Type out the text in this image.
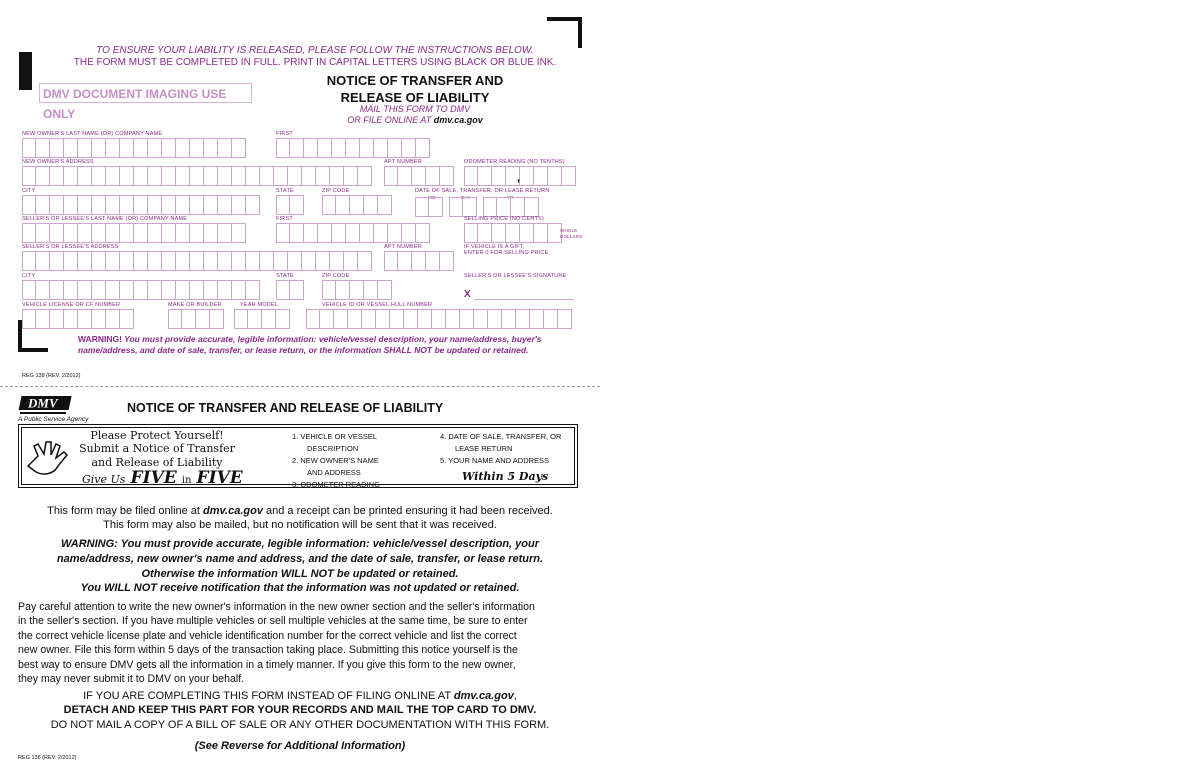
TO ENSURE YOUR LIABILITY IS RELEASED, PLEASE FOLLOW THE INSTRUCTIONS BELOW.
THE FORM MUST BE COMPLETED IN FULL. PRINT IN CAPITAL LETTERS USING BLACK OR BLUE INK.
DMV DOCUMENT IMAGING USE ONLY
NOTICE OF TRANSFER AND
RELEASE OF LIABILITY
MAIL THIS FORM TO DMV
OR FILE ONLINE AT dmv.ca.gov
NEW OWNER'S LAST NAME (OR) COMPANY NAME	FIRST
NEW OWNER'S ADDRESS	APT NUMBER	ODOMETER READING (NO TENTHS)
,
CITY	STATE	ZIP CODE	DATE OF SALE, TRANSFER, OR LEASE RETURN
MO	DAY	YR
SELLER'S OR LESSEE'S LAST NAME (OR) COMPANY NAME	FIRST	SELLING PRICE (NO CENTS)
WHOLE
DOLLARS
SELLER'S OR LESSEE'S ADDRESS	APT NUMBER	IF VEHICLE IS A GIFT,
ENTER 0 FOR SELLING PRICE
CITY	STATE	ZIP CODE	SELLER'S OR LESSEE'S SIGNATURE
X
VEHICLE LICENSE OR CF NUMBER	MAKE OR BUILDER	YEAR MODEL	VEHICLE ID OR VESSEL HULL NUMBER
WARNING! You must provide accurate, legible information: vehicle/vessel description, your name/address, buyer's
name/address, and date of sale, transfer, or lease return, or the information SHALL NOT be updated or retained.
REG 138 (REV. 2/2012)
DMV
A Public Service Agency
NOTICE OF TRANSFER AND RELEASE OF LIABILITY
Please Protect Yourself!
Submit a Notice of Transfer
and Release of Liability
Give Us FIVE in FIVE
1. VEHICLE OR VESSEL
DESCRIPTION
2. NEW OWNER'S NAME
AND ADDRESS
3. ODOMETER READING
4. DATE OF SALE, TRANSFER, OR
LEASE RETURN
5. YOUR NAME AND ADDRESS
Within 5 Days
This form may be filed online at dmv.ca.gov and a receipt can be printed ensuring it had been received.
This form may also be mailed, but no notification will be sent that it was received.
WARNING: You must provide accurate, legible information: vehicle/vessel description, your
name/address, new owner's name and address, and the date of sale, transfer, or lease return.
Otherwise the information WILL NOT be updated or retained.
You WILL NOT receive notification that the information was not updated or retained.
Pay careful attention to write the new owner's information in the new owner section and the seller's information
in the seller's section. If you have multiple vehicles or sell multiple vehicles at the same time, be sure to enter
the correct vehicle license plate and vehicle identification number for the correct vehicle and list the correct
new owner. File this form within 5 days of the transaction taking place. Submitting this notice yourself is the
best way to ensure DMV gets all the information in a timely manner. If you give this form to the new owner,
they may never submit it to DMV on your behalf.
IF YOU ARE COMPLETING THIS FORM INSTEAD OF FILING ONLINE AT dmv.ca.gov,
DETACH AND KEEP THIS PART FOR YOUR RECORDS AND MAIL THE TOP CARD TO DMV.
DO NOT MAIL A COPY OF A BILL OF SALE OR ANY OTHER DOCUMENTATION WITH THIS FORM.
(See Reverse for Additional Information)
REG 138 (REV. 2/2012)
